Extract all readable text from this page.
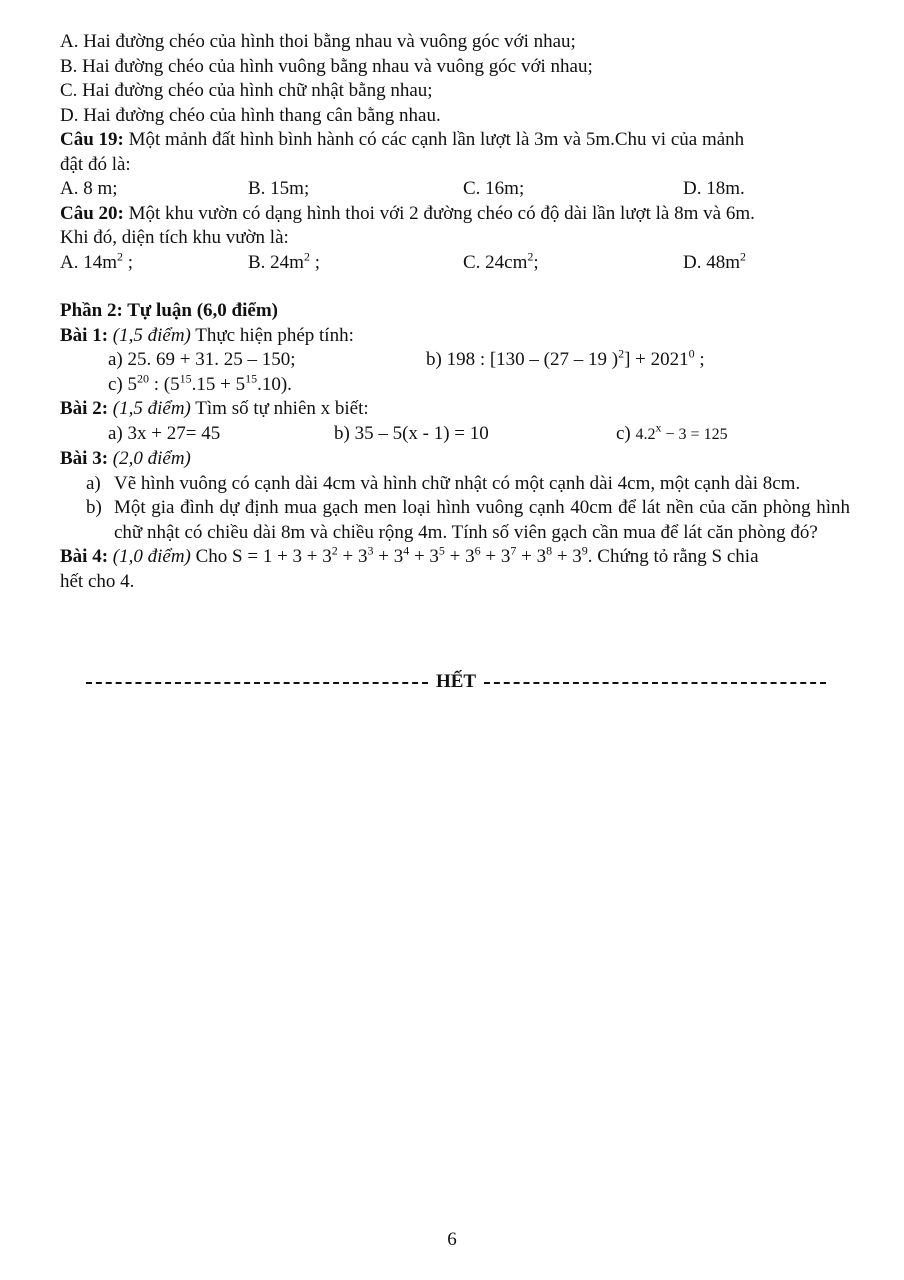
A. Hai đường chéo của hình thoi bằng nhau và vuông góc với nhau;
B. Hai đường chéo của hình vuông bằng nhau và vuông góc với nhau;
C. Hai đường chéo của hình chữ nhật bằng nhau;
D. Hai đường chéo của hình thang cân bằng nhau.
Câu 19: Một mảnh đất hình bình hành có các cạnh lần lượt là 3m và 5m.Chu vi của mảnh
đật đó là:
A. 8 m;	B. 15m;	C. 16m;	D. 18m.
Câu 20: Một khu vườn có dạng hình thoi với 2 đường chéo có độ dài lần lượt là 8m và 6m.
Khi đó, diện tích khu vườn là:
A. $14m^2$ ;	B. $24m^2$ ;	C. $24cm^2$;	D. $48m^2$
Phần 2: Tự luận (6,0 điểm)
Bài 1: (1,5 điểm) Thực hiện phép tính:
a) 25. 69 + 31. 25 – 150;	b) 198 : [130 – (27 – 19 )$^2] + 2021^0$ ;
c) $5^{20}$ : $(5^{15}.15 + 5^{15}.10)$.
Bài 2: (1,5 điểm) Tìm số tự nhiên x biết:
a) 3x + 27= 45	b) 35 – 5(x - 1) = 10	c) $4.2^x - 3 = 125$
Bài 3: (2,0 điểm)
a) Vẽ hình vuông có cạnh dài 4cm và hình chữ nhật có một cạnh dài 4cm, một cạnh dài 8cm.
b) Một gia đình dự định mua gạch men loại hình vuông cạnh 40cm để lát nền của căn phòng hình chữ nhật có chiều dài 8m và chiều rộng 4m. Tính số viên gạch cần mua để lát căn phòng đó?
Bài 4: (1,0 điểm) Cho $S = 1 + 3 + 3^2 + 3^3 + 3^4 + 3^5 + 3^6 + 3^7 + 3^8 + 3^9$. Chứng tỏ rằng S chia
hết cho 4.
HẾT
6
